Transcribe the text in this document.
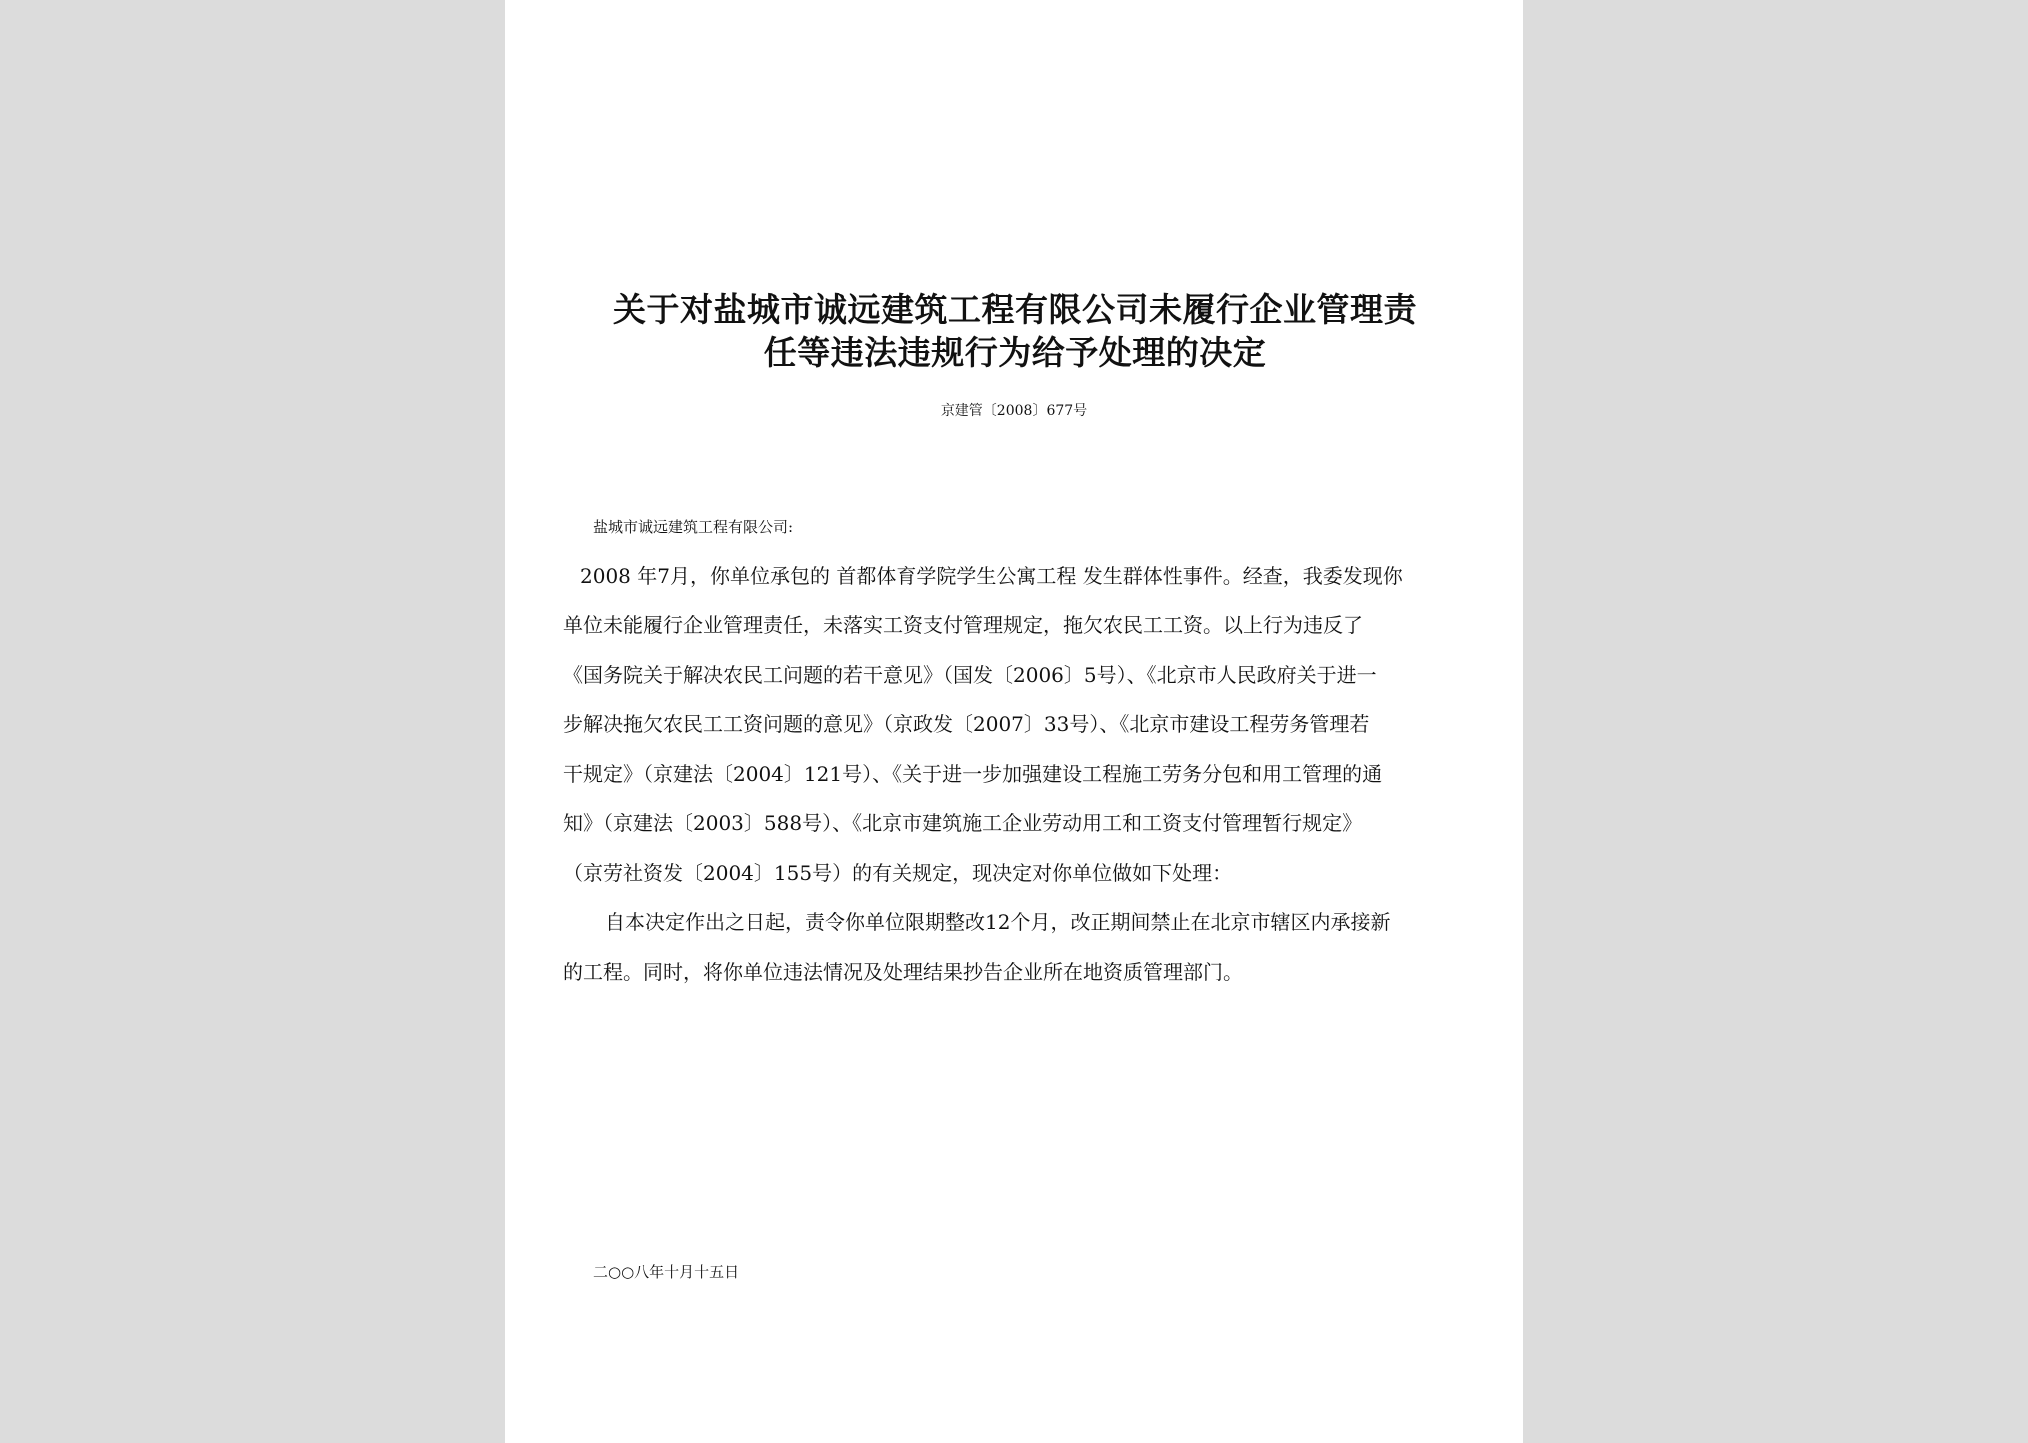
关于对盐城市诚远建筑工程有限公司未履行企业管理责
任等违法违规行为给予处理的决定
京建管〔2008〕677号
盐城市诚远建筑工程有限公司:
2008 年7月，你单位承包的 首都体育学院学生公寓工程 发生群体性事件。经查，我委发现你
单位未能履行企业管理责任，未落实工资支付管理规定，拖欠农民工工资。以上行为违反了
《国务院关于解决农民工问题的若干意见》（国发〔2006〕5号）、《北京市人民政府关于进一
步解决拖欠农民工工资问题的意见》（京政发〔2007〕33号）、《北京市建设工程劳务管理若
干规定》（京建法〔2004〕121号）、《关于进一步加强建设工程施工劳务分包和用工管理的通
知》（京建法〔2003〕588号）、《北京市建筑施工企业劳动用工和工资支付管理暂行规定》
（京劳社资发〔2004〕155号）的有关规定，现决定对你单位做如下处理：
自本决定作出之日起，责令你单位限期整改12个月，改正期间禁止在北京市辖区内承接新
的工程。同时，将你单位违法情况及处理结果抄告企业所在地资质管理部门。
二○○八年十月十五日
